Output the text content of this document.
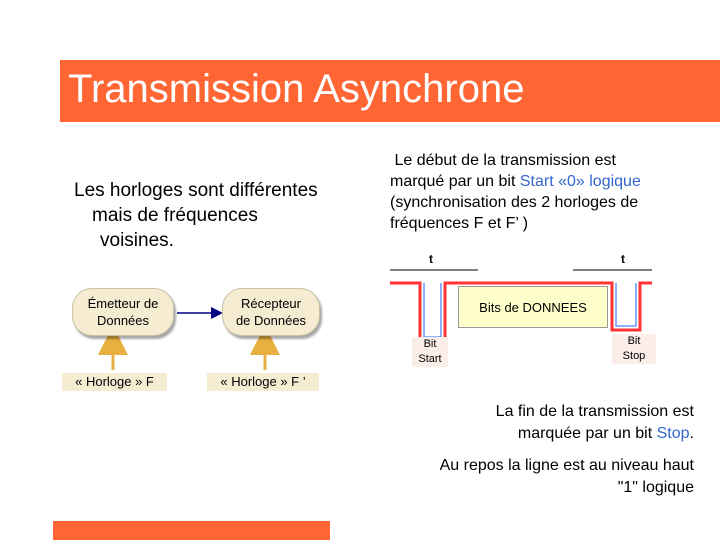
Transmission Asynchrone
Les horloges sont différentes
mais de fréquences
voisines.
Le début de la transmission est
marqué par un bit Start «0» logique
(synchronisation des 2 horloges de
fréquences F et F’ )
t	t
Émetteur de
Données
Récepteur
de Données
« Horloge » F	« Horloge » F ’
Bits de DONNEES
Bit
Start
Bit
Stop
La fin de la transmission est
marquée par un bit Stop.
Au repos la ligne est au niveau haut
"1" logique
